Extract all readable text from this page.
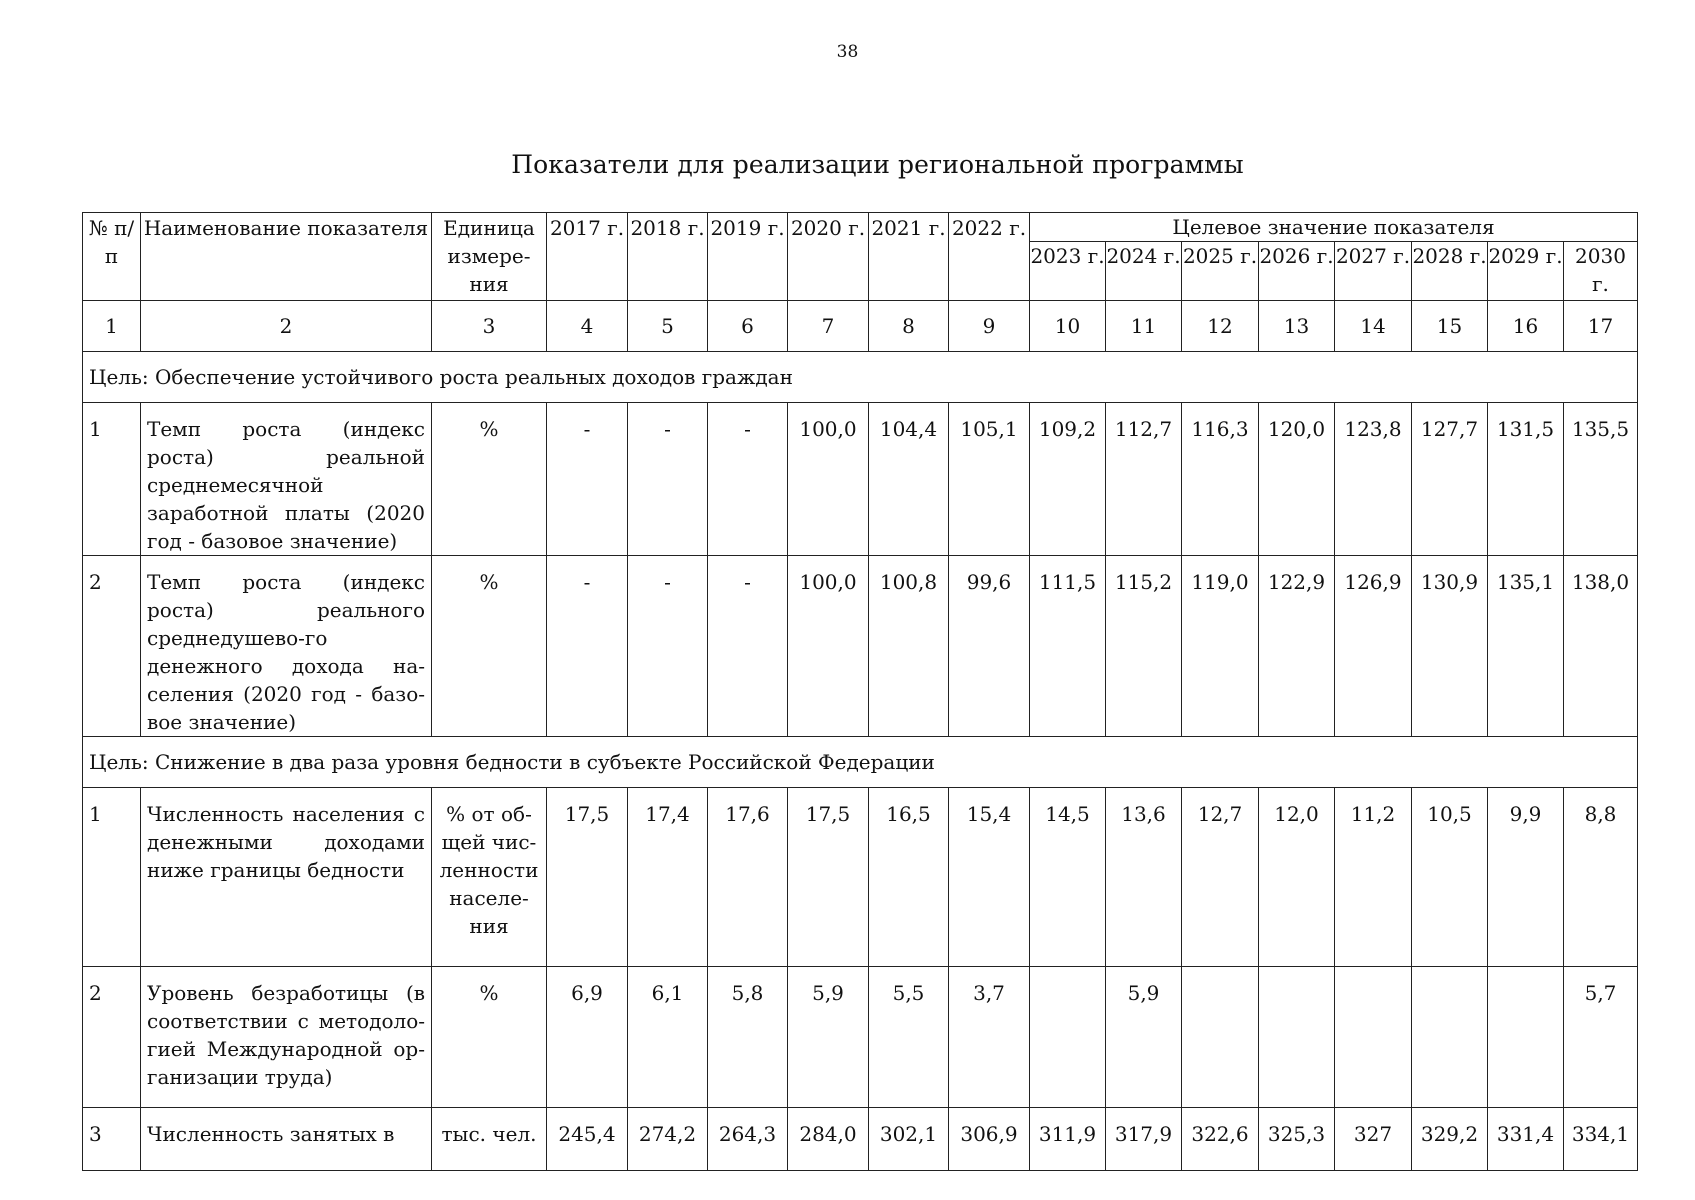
38
Показатели для реализации региональной программы
№ п/п	Наименование показателя	Единица измере-ния	2017 г.	2018 г.	2019 г.	2020 г.	2021 г.	2022 г.	Целевое значение показателя							
									2023 г.	2024 г.	2025 г.	2026 г.	2027 г.	2028 г.	2029 г.	2030 г.
1	2	3	4	5	6	7	8	9	10	11	12	13	14	15	16	17
Цель: Обеспечение устойчивого роста реальных доходов граждан																
1	Темп роста (индекс роста) реальной среднемесячной заработной платы (2020 год - базовое значение)	%	-	-	-	100,0	104,4	105,1	109,2	112,7	116,3	120,0	123,8	127,7	131,5	135,5
2	Темп роста (индекс роста) реального среднедушево-го денежного дохода на-селения (2020 год - базо-вое значение)	%	-	-	-	100,0	100,8	99,6	111,5	115,2	119,0	122,9	126,9	130,9	135,1	138,0
Цель: Снижение в два раза уровня бедности в субъекте Российской Федерации																
1	Численность населения с денежными доходами ниже границы бедности	% от об-щей чис-ленности населе-ния	17,5	17,4	17,6	17,5	16,5	15,4	14,5	13,6	12,7	12,0	11,2	10,5	9,9	8,8
2	Уровень безработицы (в соответствии с методоло-гией Международной ор-ганизации труда)	%	6,9	6,1	5,8	5,9	5,5	3,7		5,9						5,7
3	Численность занятых в	тыс. чел.	245,4	274,2	264,3	284,0	302,1	306,9	311,9	317,9	322,6	325,3	327	329,2	331,4	334,1
